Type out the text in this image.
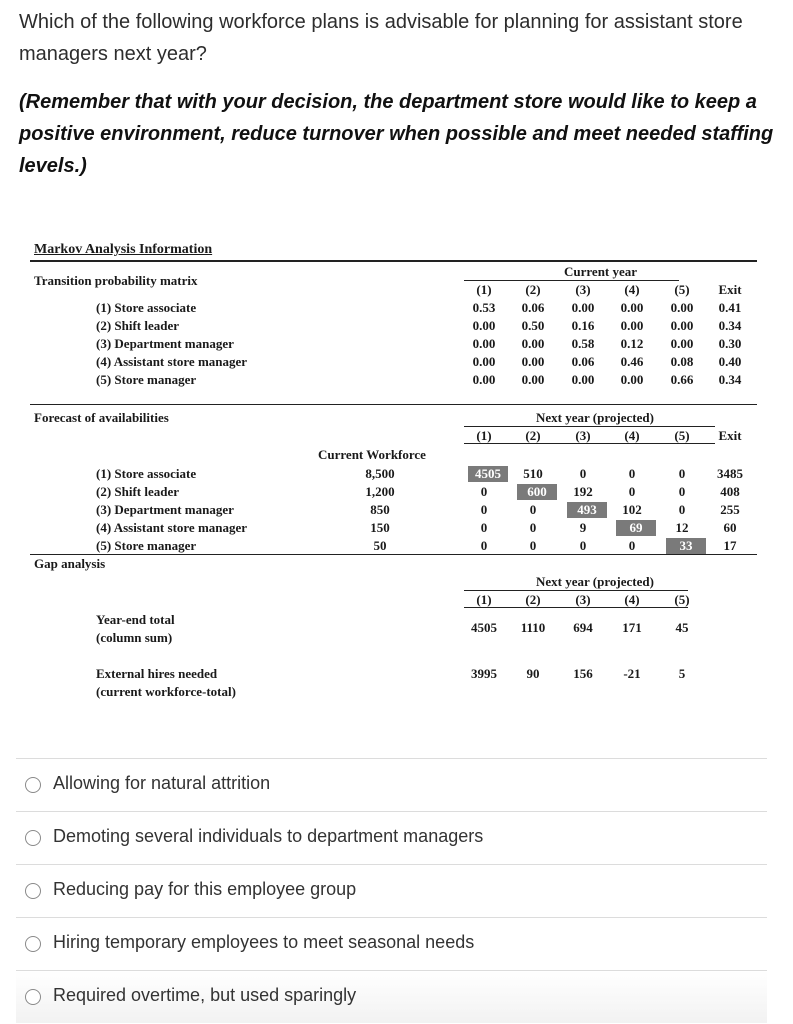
Which of the following workforce plans is advisable for planning for assistant store managers next year?
(Remember that with your decision, the department store would like to keep a positive environment, reduce turnover when possible and meet needed staffing levels.)
Markov Analysis Information
Transition probability matrix
Current year
(1)	(2)	(3)	(4)	(5)	Exit
(1) Store associate	0.53	0.06	0.00	0.00	0.00	0.41
(2) Shift leader	0.00	0.50	0.16	0.00	0.00	0.34
(3) Department manager	0.00	0.00	0.58	0.12	0.00	0.30
(4) Assistant store manager	0.00	0.00	0.06	0.46	0.08	0.40
(5) Store manager	0.00	0.00	0.00	0.00	0.66	0.34
Forecast of availabilities	Next year (projected)
Current Workforce
(1)	(2)	(3)	(4)	(5)	Exit
(1) Store associate	8,500	4505	510	0	0	0	3485
(2) Shift leader	1,200	0	600	192	0	0	408
(3) Department manager	850	0	0	493	102	0	255
(4) Assistant store manager	150	0	0	9	69	12	60
(5) Store manager	50	0	0	0	0	33	17
Gap analysis
Next year (projected)
(1)	(2)	(3)	(4)	(5)
Year-end total
(column sum)
4505	1110	694	171	45
External hires needed
(current workforce-total)
3995	90	156	-21	5
Allowing for natural attrition
Demoting several individuals to department managers
Reducing pay for this employee group
Hiring temporary employees to meet seasonal needs
Required overtime, but used sparingly
